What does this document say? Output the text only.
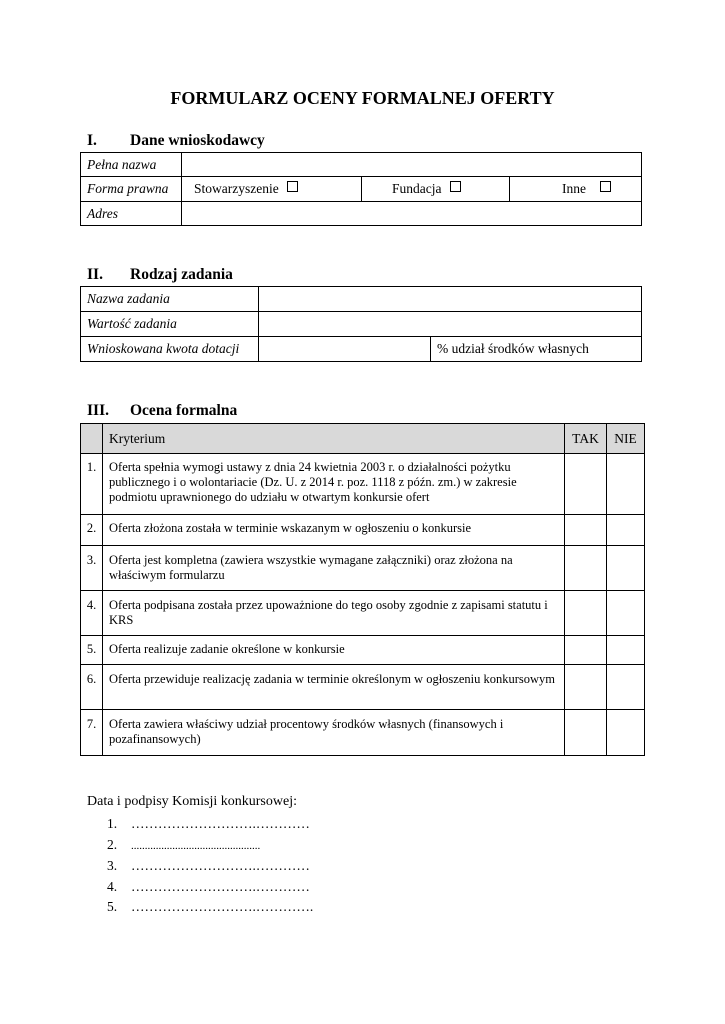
FORMULARZ OCENY FORMALNEJ OFERTY
I. Dane wnioskodawcy
Pełna nazwa			
Forma prawna	Stowarzyszenie	Fundacja	Inne
Adres			
II. Rodzaj zadania
Nazwa zadania		
Wartość zadania		
Wnioskowana kwota dotacji		% udział środków własnych
III. Ocena formalna
	Kryterium	TAK	NIE
1.	Oferta spełnia wymogi ustawy z dnia 24 kwietnia 2003 r. o działalności pożytku publicznego i o wolontariacie (Dz. U. z 2014 r. poz. 1118 z późn. zm.) w zakresie podmiotu uprawnionego do udziału w otwartym konkursie ofert		
2.	Oferta złożona została w terminie wskazanym w ogłoszeniu o konkursie		
3.	Oferta jest kompletna (zawiera wszystkie wymagane załączniki) oraz złożona na właściwym formularzu		
4.	Oferta podpisana została przez upoważnione do tego osoby zgodnie z zapisami statutu i KRS		
5.	Oferta realizuje zadanie określone w konkursie		
6.	Oferta przewiduje realizację zadania w terminie określonym w ogłoszeniu konkursowym		
7.	Oferta zawiera właściwy udział procentowy środków własnych (finansowych i pozafinansowych)		
Data i podpisy Komisji konkursowej:
1. ……………………….…………
2. ...............................................
3. ……………………….…………
4. ……………………….…………
5. ……………………….………….
